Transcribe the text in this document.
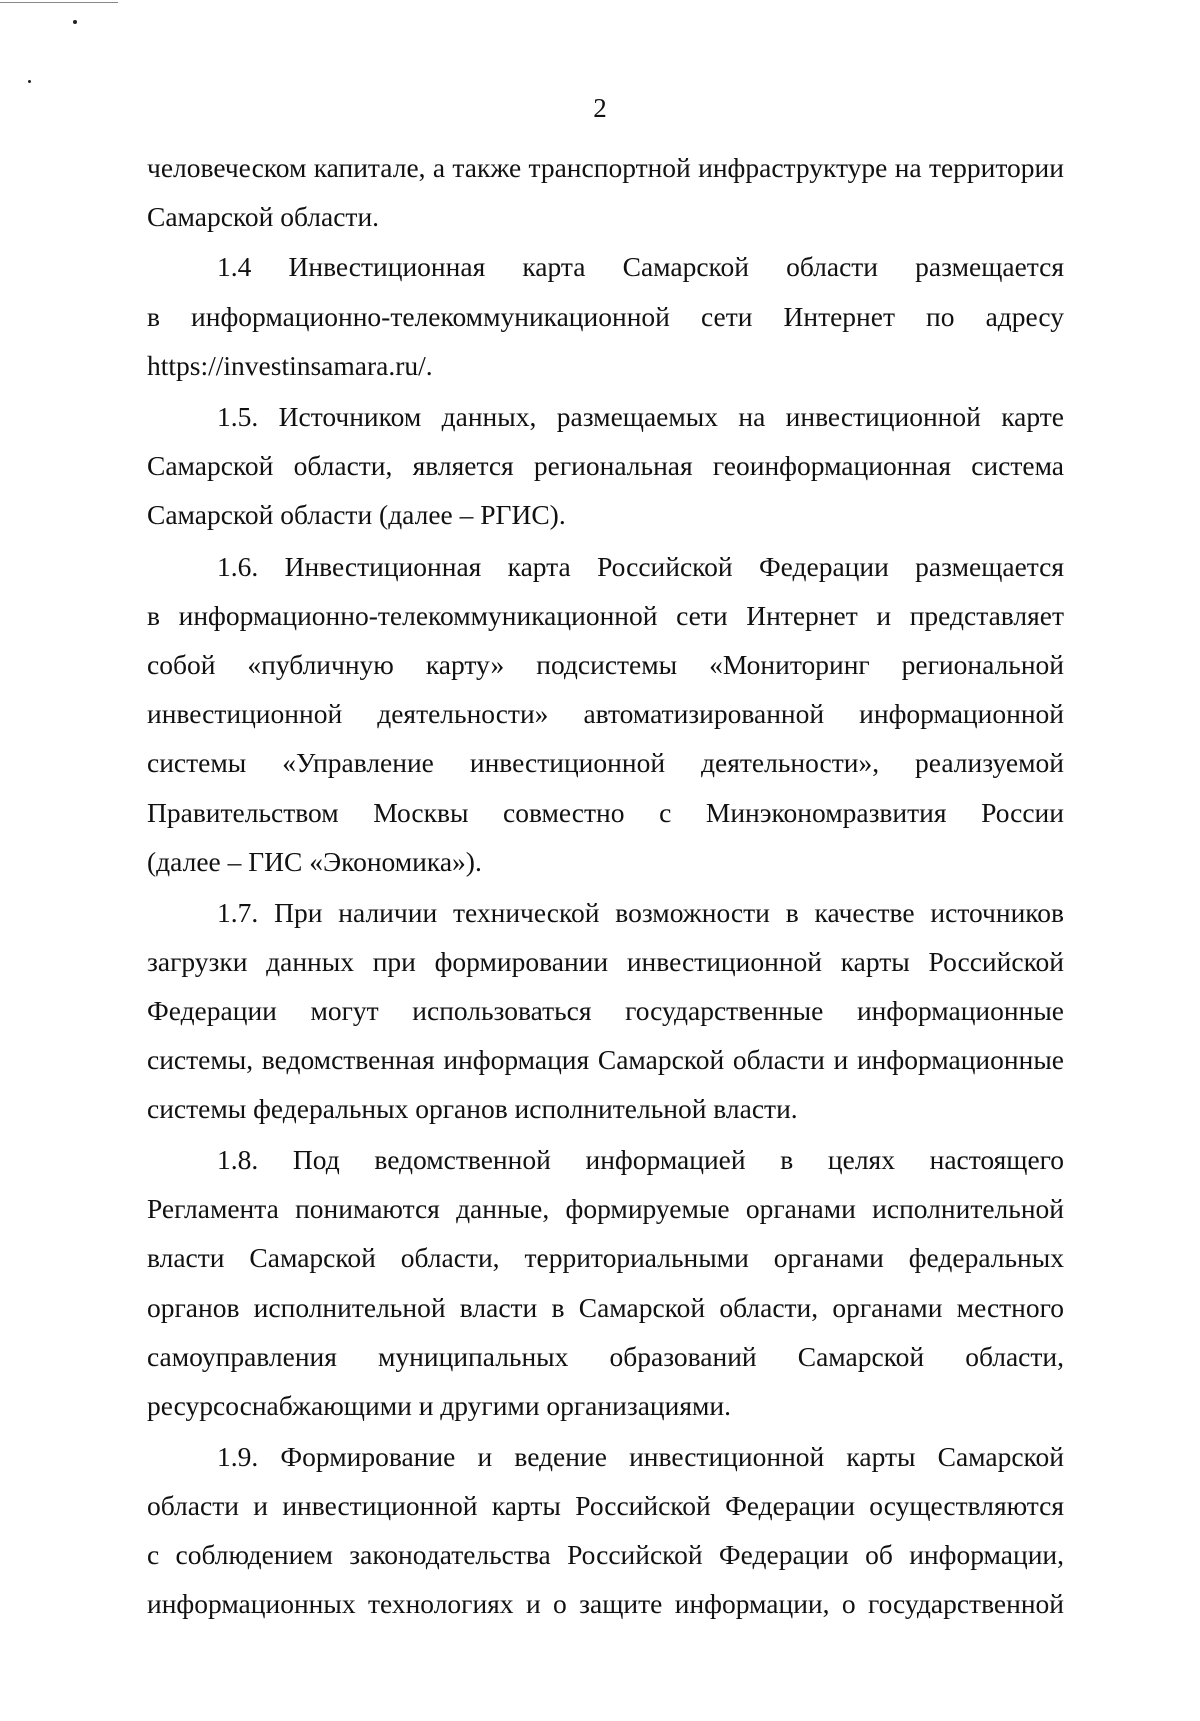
2
человеческом капитале, а также транспортной инфраструктуре на территории
Самарской области.
1.4 Инвестиционная карта Самарской области размещается
в информационно-телекоммуникационной сети Интернет по адресу
https://investinsamara.ru/.
1.5. Источником данных, размещаемых на инвестиционной карте
Самарской области, является региональная геоинформационная система
Самарской области (далее – РГИС).
1.6. Инвестиционная карта Российской Федерации размещается
в информационно-телекоммуникационной сети Интернет и представляет
собой «публичную карту» подсистемы «Мониторинг региональной
инвестиционной деятельности» автоматизированной информационной
системы «Управление инвестиционной деятельности», реализуемой
Правительством Москвы совместно с Минэкономразвития России
(далее – ГИС «Экономика»).
1.7. При наличии технической возможности в качестве источников
загрузки данных при формировании инвестиционной карты Российской
Федерации могут использоваться государственные информационные
системы, ведомственная информация Самарской области и информационные
системы федеральных органов исполнительной власти.
1.8. Под ведомственной информацией в целях настоящего
Регламента понимаются данные, формируемые органами исполнительной
власти Самарской области, территориальными органами федеральных
органов исполнительной власти в Самарской области, органами местного
самоуправления муниципальных образований Самарской области,
ресурсоснабжающими и другими организациями.
1.9. Формирование и ведение инвестиционной карты Самарской
области и инвестиционной карты Российской Федерации осуществляются
с соблюдением законодательства Российской Федерации об информации,
информационных технологиях и о защите информации, о государственной
